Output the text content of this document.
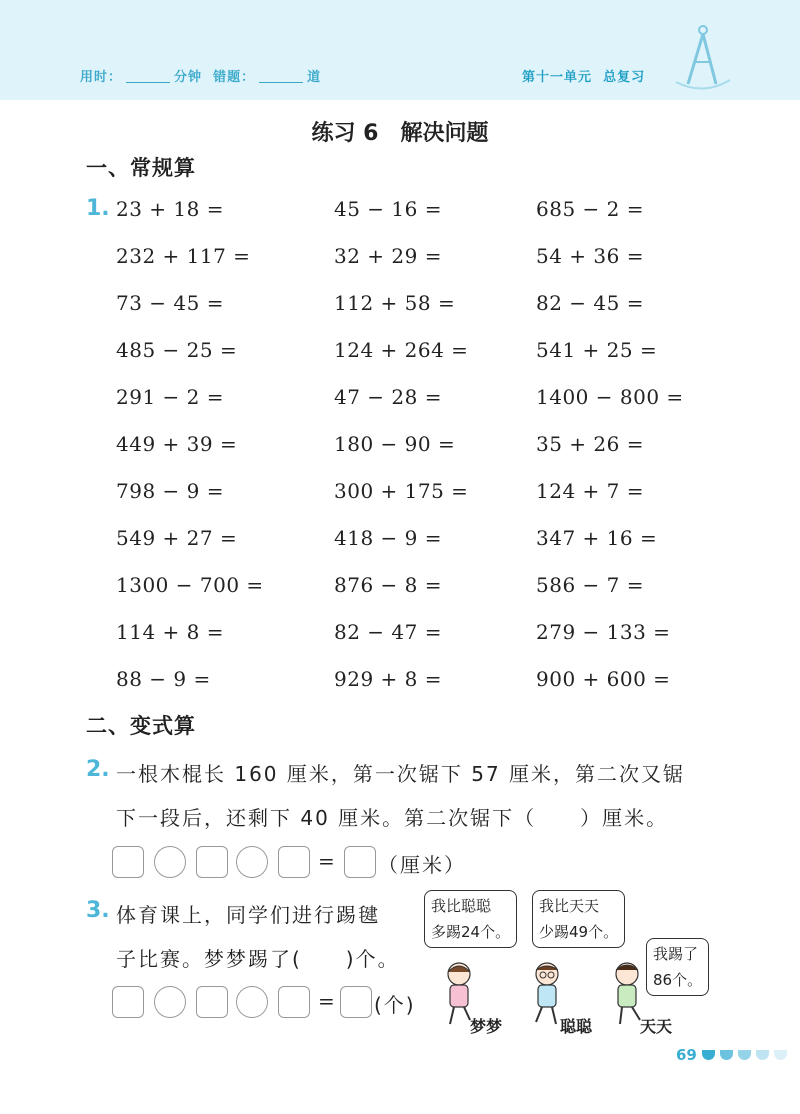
用时：	分钟 错题：	道	第十一单元 总复习
练习 6 解决问题
一、常规算
1. 23 + 18 =	45 − 16 =	685 − 2 =
232 + 117 =	32 + 29 =	54 + 36 =
73 − 45 =	112 + 58 =	82 − 45 =
485 − 25 =	124 + 264 =	541 + 25 =
291 − 2 =	47 − 28 =	1400 − 800 =
449 + 39 =	180 − 90 =	35 + 26 =
798 − 9 =	300 + 175 =	124 + 7 =
549 + 27 =	418 − 9 =	347 + 16 =
1300 − 700 =	876 − 8 =	586 − 7 =
114 + 8 =	82 − 47 =	279 − 133 =
88 − 9 =	929 + 8 =	900 + 600 =
二、变式算
2. 一根木棍长 160 厘米，第一次锯下 57 厘米，第二次又锯
下一段后，还剩下 40 厘米。第二次锯下（　　）厘米。
= （厘米）
3. 体育课上，同学们进行踢毽
子比赛。梦梦踢了(　　)个。
= (个)
我比聪聪
多踢24个。
我比天天
少踢49个。
我踢了
86个。
梦梦	聪聪	天天
69
